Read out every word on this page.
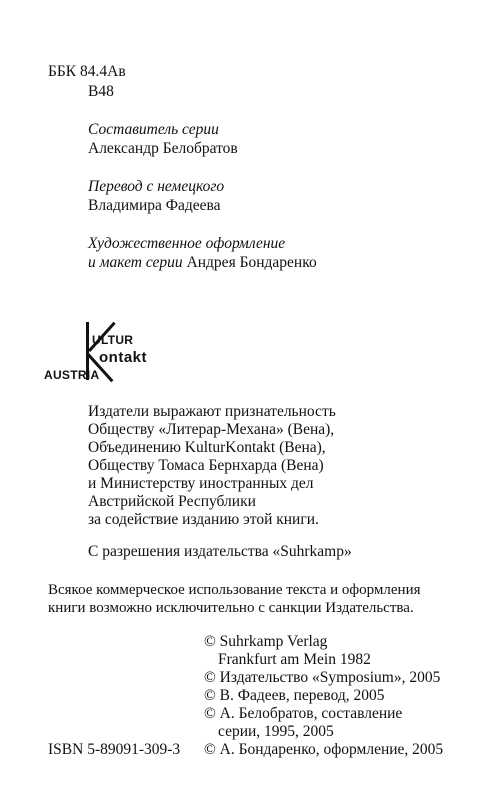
ББК 84.4Ав
В48
Составитель серии
Александр Белобратов
Перевод с немецкого
Владимира Фадеева
Художественное оформление
и макет серии Андрея Бондаренко
ULTUR
ontakt
AUSTRIA
Издатели выражают признательность
Обществу «Литерар-Механа» (Вена),
Объединению KulturKontakt (Вена),
Обществу Томаса Бернхарда (Вена)
и Министерству иностранных дел
Австрийской Республики
за содействие изданию этой книги.
С разрешения издательства «Suhrkamp»
Всякое коммерческое использование текста и оформления
книги возможно исключительно с санкции Издательства.
© Suhrkamp Verlag
Frankfurt am Mein 1982
© Издательство «Symposium», 2005
© В. Фадеев, перевод, 2005
© А. Белобратов, составление
серии, 1995, 2005
© А. Бондаренко, оформление, 2005
ISBN 5-89091-309-3
